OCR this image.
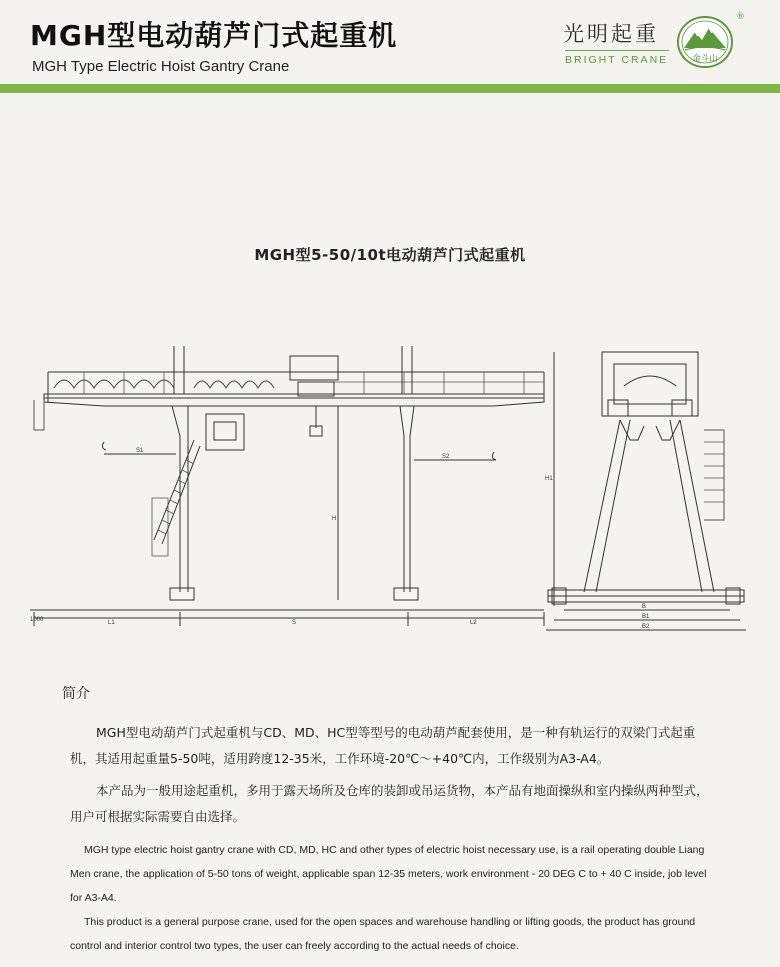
MGH型电动葫芦门式起重机
MGH Type Electric Hoist Gantry Crane
光明起重
BRIGHT CRANE	金斗山
®
MGH型5-50/10t电动葫芦门式起重机
S1
S2
H
1000	L1	S	L2
H1
B
B1
B2
简介
MGH型电动葫芦门式起重机与CD、MD、HC型等型号的电动葫芦配套使用，是一种有轨运行的双梁门式起重机，其适用起重量5-50吨，适用跨度12-35米，工作环境-20℃～+40℃内，工作级别为A3-A4。
本产品为一般用途起重机，多用于露天场所及仓库的装卸或吊运货物，本产品有地面操纵和室内操纵两种型式，用户可根据实际需要自由选择。
MGH type electric hoist gantry crane with CD, MD, HC and other types of electric hoist necessary use, is a rail operating double Liang Men crane, the application of 5-50 tons of weight, applicable span 12-35 meters, work environment - 20 DEG C to + 40 C inside, job level for A3-A4.
This product is a general purpose crane, used for the open spaces and warehouse handling or lifting goods, the product has ground control and interior control two types, the user can freely according to the actual needs of choice.
